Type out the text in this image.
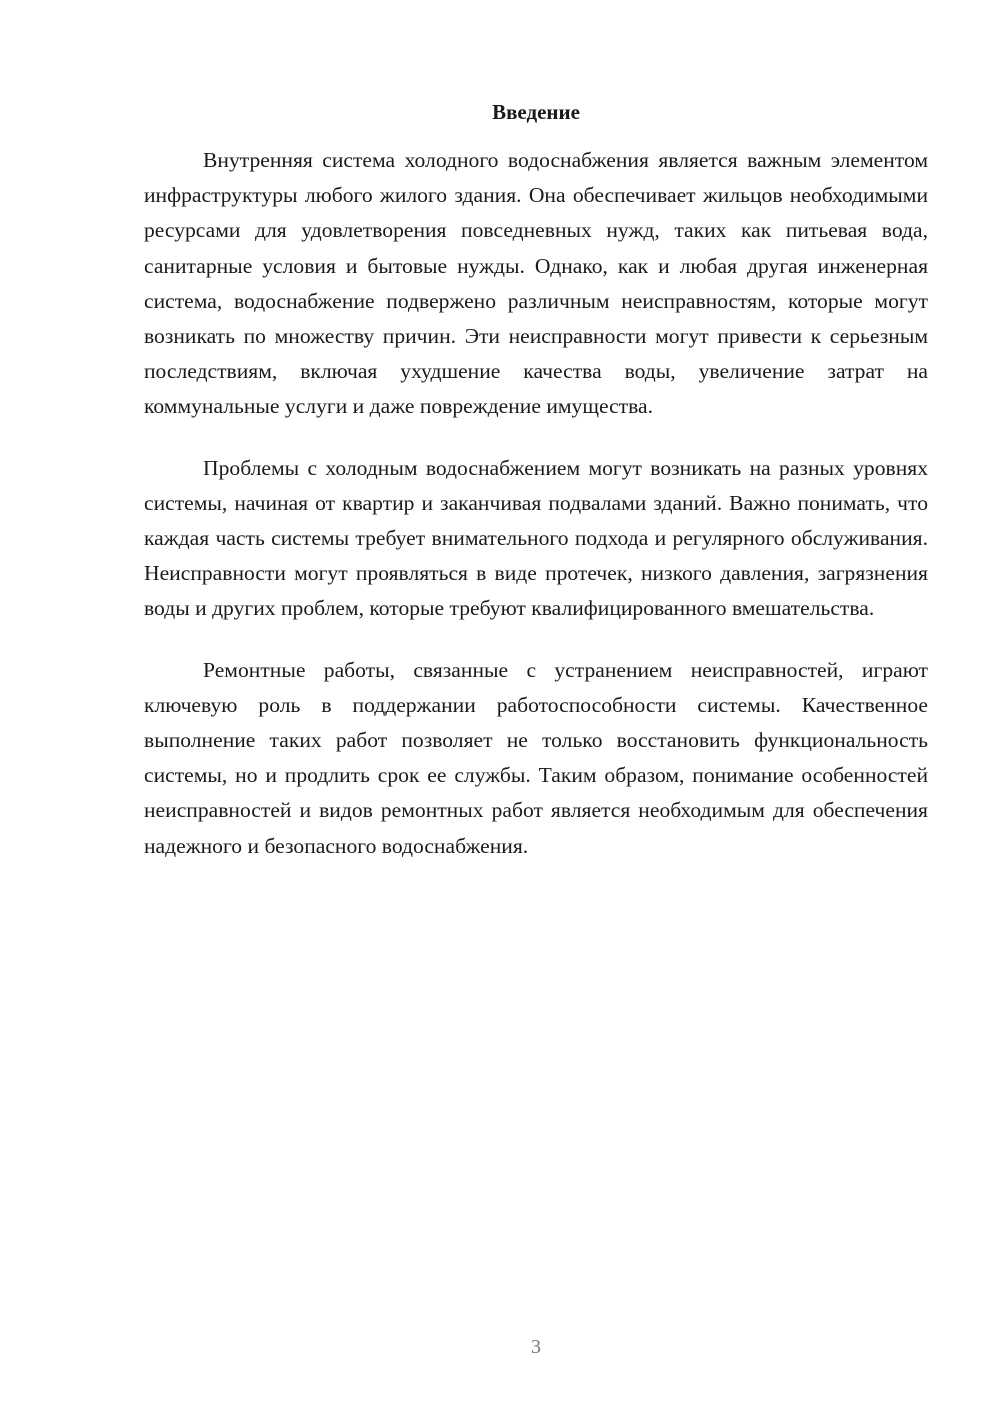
Введение

Внутренняя система холодного водоснабжения является важным элементом инфраструктуры любого жилого здания. Она обеспечивает жильцов необходимыми ресурсами для удовлетворения повседневных нужд, таких как питьевая вода, санитарные условия и бытовые нужды. Однако, как и любая другая инженерная система, водоснабжение подвержено различным неисправностям, которые могут возникать по множеству причин. Эти неисправности могут привести к серьезным последствиям, включая ухудшение качества воды, увеличение затрат на коммунальные услуги и даже повреждение имущества.

Проблемы с холодным водоснабжением могут возникать на разных уровнях системы, начиная от квартир и заканчивая подвалами зданий. Важно понимать, что каждая часть системы требует внимательного подхода и регулярного обслуживания. Неисправности могут проявляться в виде протечек, низкого давления, загрязнения воды и других проблем, которые требуют квалифицированного вмешательства.

Ремонтные работы, связанные с устранением неисправностей, играют ключевую роль в поддержании работоспособности системы. Качественное выполнение таких работ позволяет не только восстановить функциональность системы, но и продлить срок ее службы. Таким образом, понимание особенностей неисправностей и видов ремонтных работ является необходимым для обеспечения надежного и безопасного водоснабжения.

3
